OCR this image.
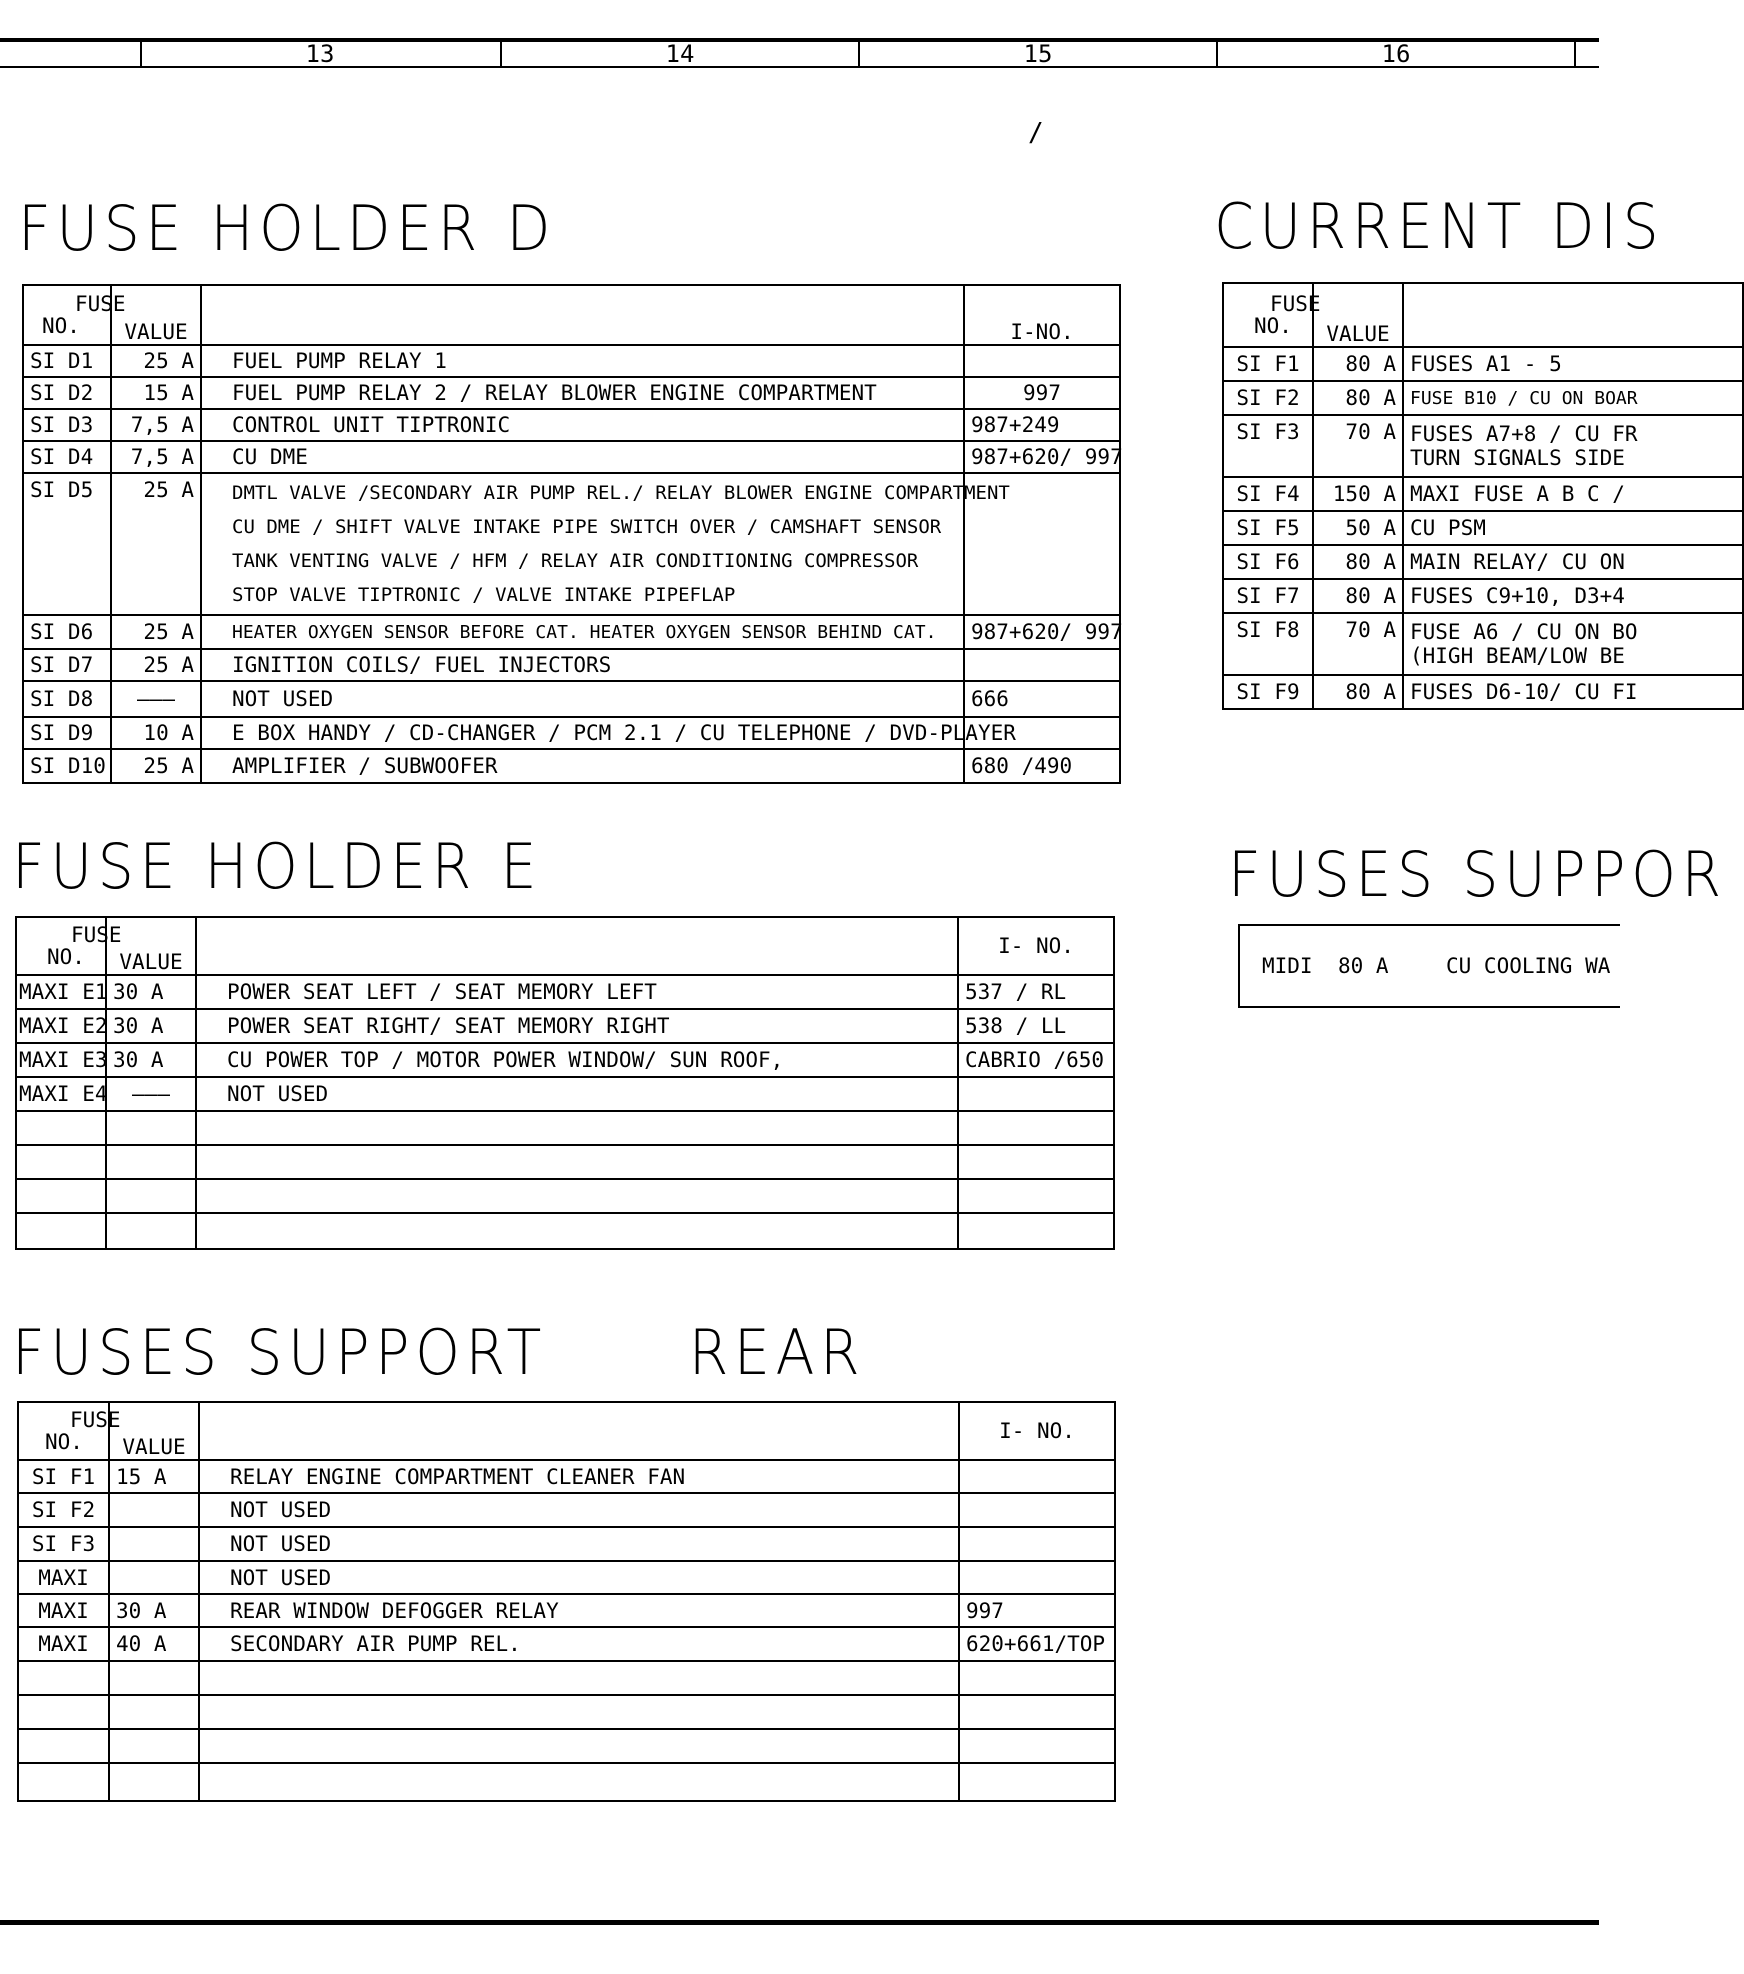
13	14	15	16
/
FUSE HOLDER D
FUSE
NO.	VALUE		I-NO.
SI D1	25 A	FUEL PUMP RELAY 1	
SI D2	15 A	FUEL PUMP RELAY 2 / RELAY BLOWER ENGINE COMPARTMENT	997
SI D3	7,5 A	CONTROL UNIT TIPTRONIC	987+249
SI D4	7,5 A	CU DME	987+620/ 997
SI D5	25 A	DMTL VALVE /SECONDARY AIR PUMP REL./ RELAY BLOWER ENGINE COMPARTMENT
CU DME / SHIFT VALVE INTAKE PIPE SWITCH OVER / CAMSHAFT SENSOR
TANK VENTING VALVE / HFM / RELAY AIR CONDITIONING COMPRESSOR
STOP VALVE TIPTRONIC / VALVE INTAKE PIPEFLAP	

SI D6	25 A	HEATER OXYGEN SENSOR BEFORE CAT. HEATER OXYGEN SENSOR BEHIND CAT.	987+620/ 997
SI D7	25 A	IGNITION COILS/ FUEL INJECTORS	
SI D8	———	NOT USED	666
SI D9	10 A	E BOX HANDY / CD-CHANGER / PCM 2.1 / CU TELEPHONE / DVD-PLAYER	
SI D10	25 A	AMPLIFIER / SUBWOOFER	680 /490
FUSE HOLDER E
FUSE
NO.	VALUE		I- NO.
MAXI E1	30 A	POWER SEAT LEFT / SEAT MEMORY LEFT	537 / RL
MAXI E2	30 A	POWER SEAT RIGHT/ SEAT MEMORY RIGHT	538 / LL
MAXI E3	30 A	CU POWER TOP / MOTOR POWER WINDOW/ SUN ROOF,	CABRIO /650
MAXI E4	———	NOT USED	

FUSES SUPPORT      REAR
FUSE
NO.	VALUE		I- NO.
SI F1	15 A	RELAY ENGINE COMPARTMENT CLEANER FAN	
SI F2		NOT USED	
SI F3		NOT USED	
MAXI		NOT USED	
MAXI	30 A	REAR WINDOW DEFOGGER RELAY	997
MAXI	40 A	SECONDARY AIR PUMP REL.	620+661/TOP

CURRENT DIS
FUSE
NO.	VALUE	
SI F1	80 A	FUSES A1 - 5
SI F2	80 A	FUSE B10 / CU ON BOAR
SI F3	70 A	FUSES A7+8 / CU FR
TURN SIGNALS SIDE

SI F4	150 A	MAXI FUSE A B C /
SI F5	50 A	CU PSM
SI F6	80 A	MAIN RELAY/ CU ON
SI F7	80 A	FUSES C9+10, D3+4
SI F8	70 A	FUSE A6 / CU ON BO
(HIGH BEAM/LOW BE

SI F9	80 A	FUSES D6-10/ CU FI
FUSES SUPPOR
MIDI 80 A	CU COOLING WA
